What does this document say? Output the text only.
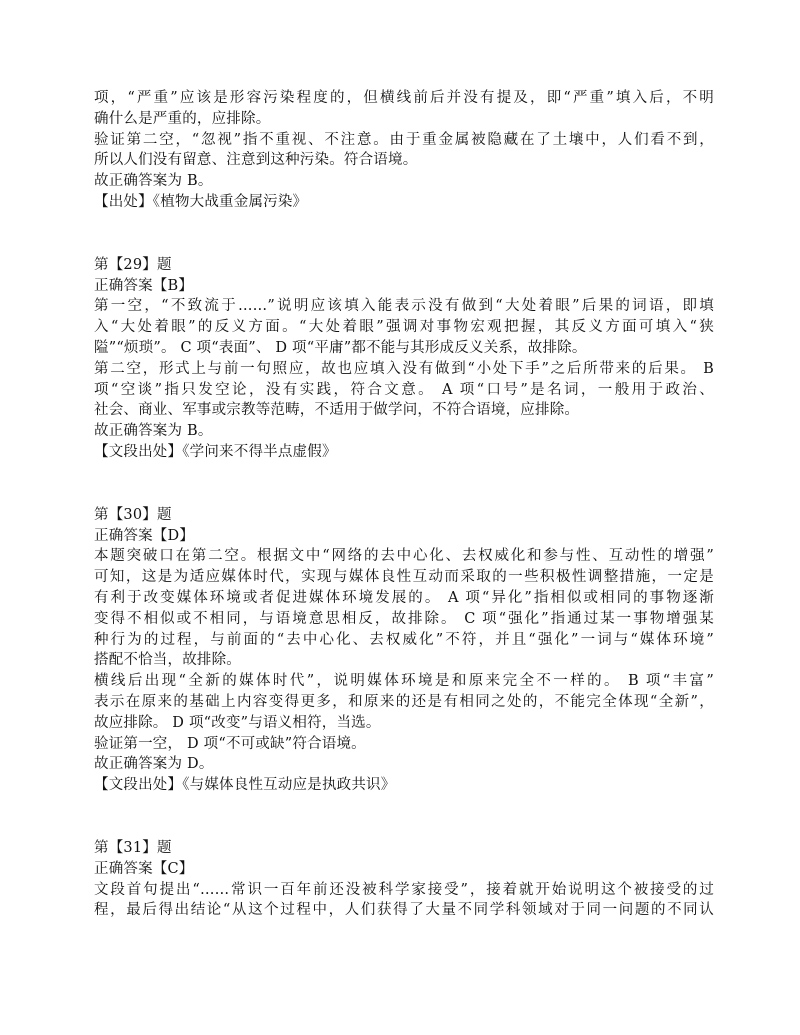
项，“严重”应该是形容污染程度的，但横线前后并没有提及，即“严重”填入后，不明
确什么是严重的，应排除。
验证第二空，“忽视”指不重视、不注意。由于重金属被隐藏在了土壤中，人们看不到，
所以人们没有留意、注意到这种污染。符合语境。
故正确答案为 B。
【出处】《植物大战重金属污染》
第【29】题
正确答案【B】
第一空，“不致流于……”说明应该填入能表示没有做到“大处着眼”后果的词语，即填
入“大处着眼”的反义方面。“大处着眼”强调对事物宏观把握，其反义方面可填入“狭
隘”“烦琐”。 C 项“表面”、 D 项“平庸”都不能与其形成反义关系，故排除。
第二空，形式上与前一句照应，故也应填入没有做到“小处下手”之后所带来的后果。 B
项“空谈”指只发空论，没有实践，符合文意。 A 项“口号”是名词，一般用于政治、
社会、商业、军事或宗教等范畴，不适用于做学问，不符合语境，应排除。
故正确答案为 B。
【文段出处】《学问来不得半点虚假》
第【30】题
正确答案【D】
本题突破口在第二空。根据文中“网络的去中心化、去权威化和参与性、互动性的增强”
可知，这是为适应媒体时代，实现与媒体良性互动而采取的一些积极性调整措施，一定是
有利于改变媒体环境或者促进媒体环境发展的。 A 项“异化”指相似或相同的事物逐渐
变得不相似或不相同，与语境意思相反，故排除。 C 项“强化”指通过某一事物增强某
种行为的过程，与前面的“去中心化、去权威化”不符，并且“强化”一词与“媒体环境”
搭配不恰当，故排除。
横线后出现“全新的媒体时代”，说明媒体环境是和原来完全不一样的。 B 项“丰富”
表示在原来的基础上内容变得更多，和原来的还是有相同之处的，不能完全体现“全新”，
故应排除。 D 项“改变”与语义相符，当选。
验证第一空， D 项“不可或缺”符合语境。
故正确答案为 D。
【文段出处】《与媒体良性互动应是执政共识》
第【31】题
正确答案【C】
文段首句提出“……常识一百年前还没被科学家接受”，接着就开始说明这个被接受的过
程，最后得出结论“从这个过程中，人们获得了大量不同学科领域对于同一问题的不同认
